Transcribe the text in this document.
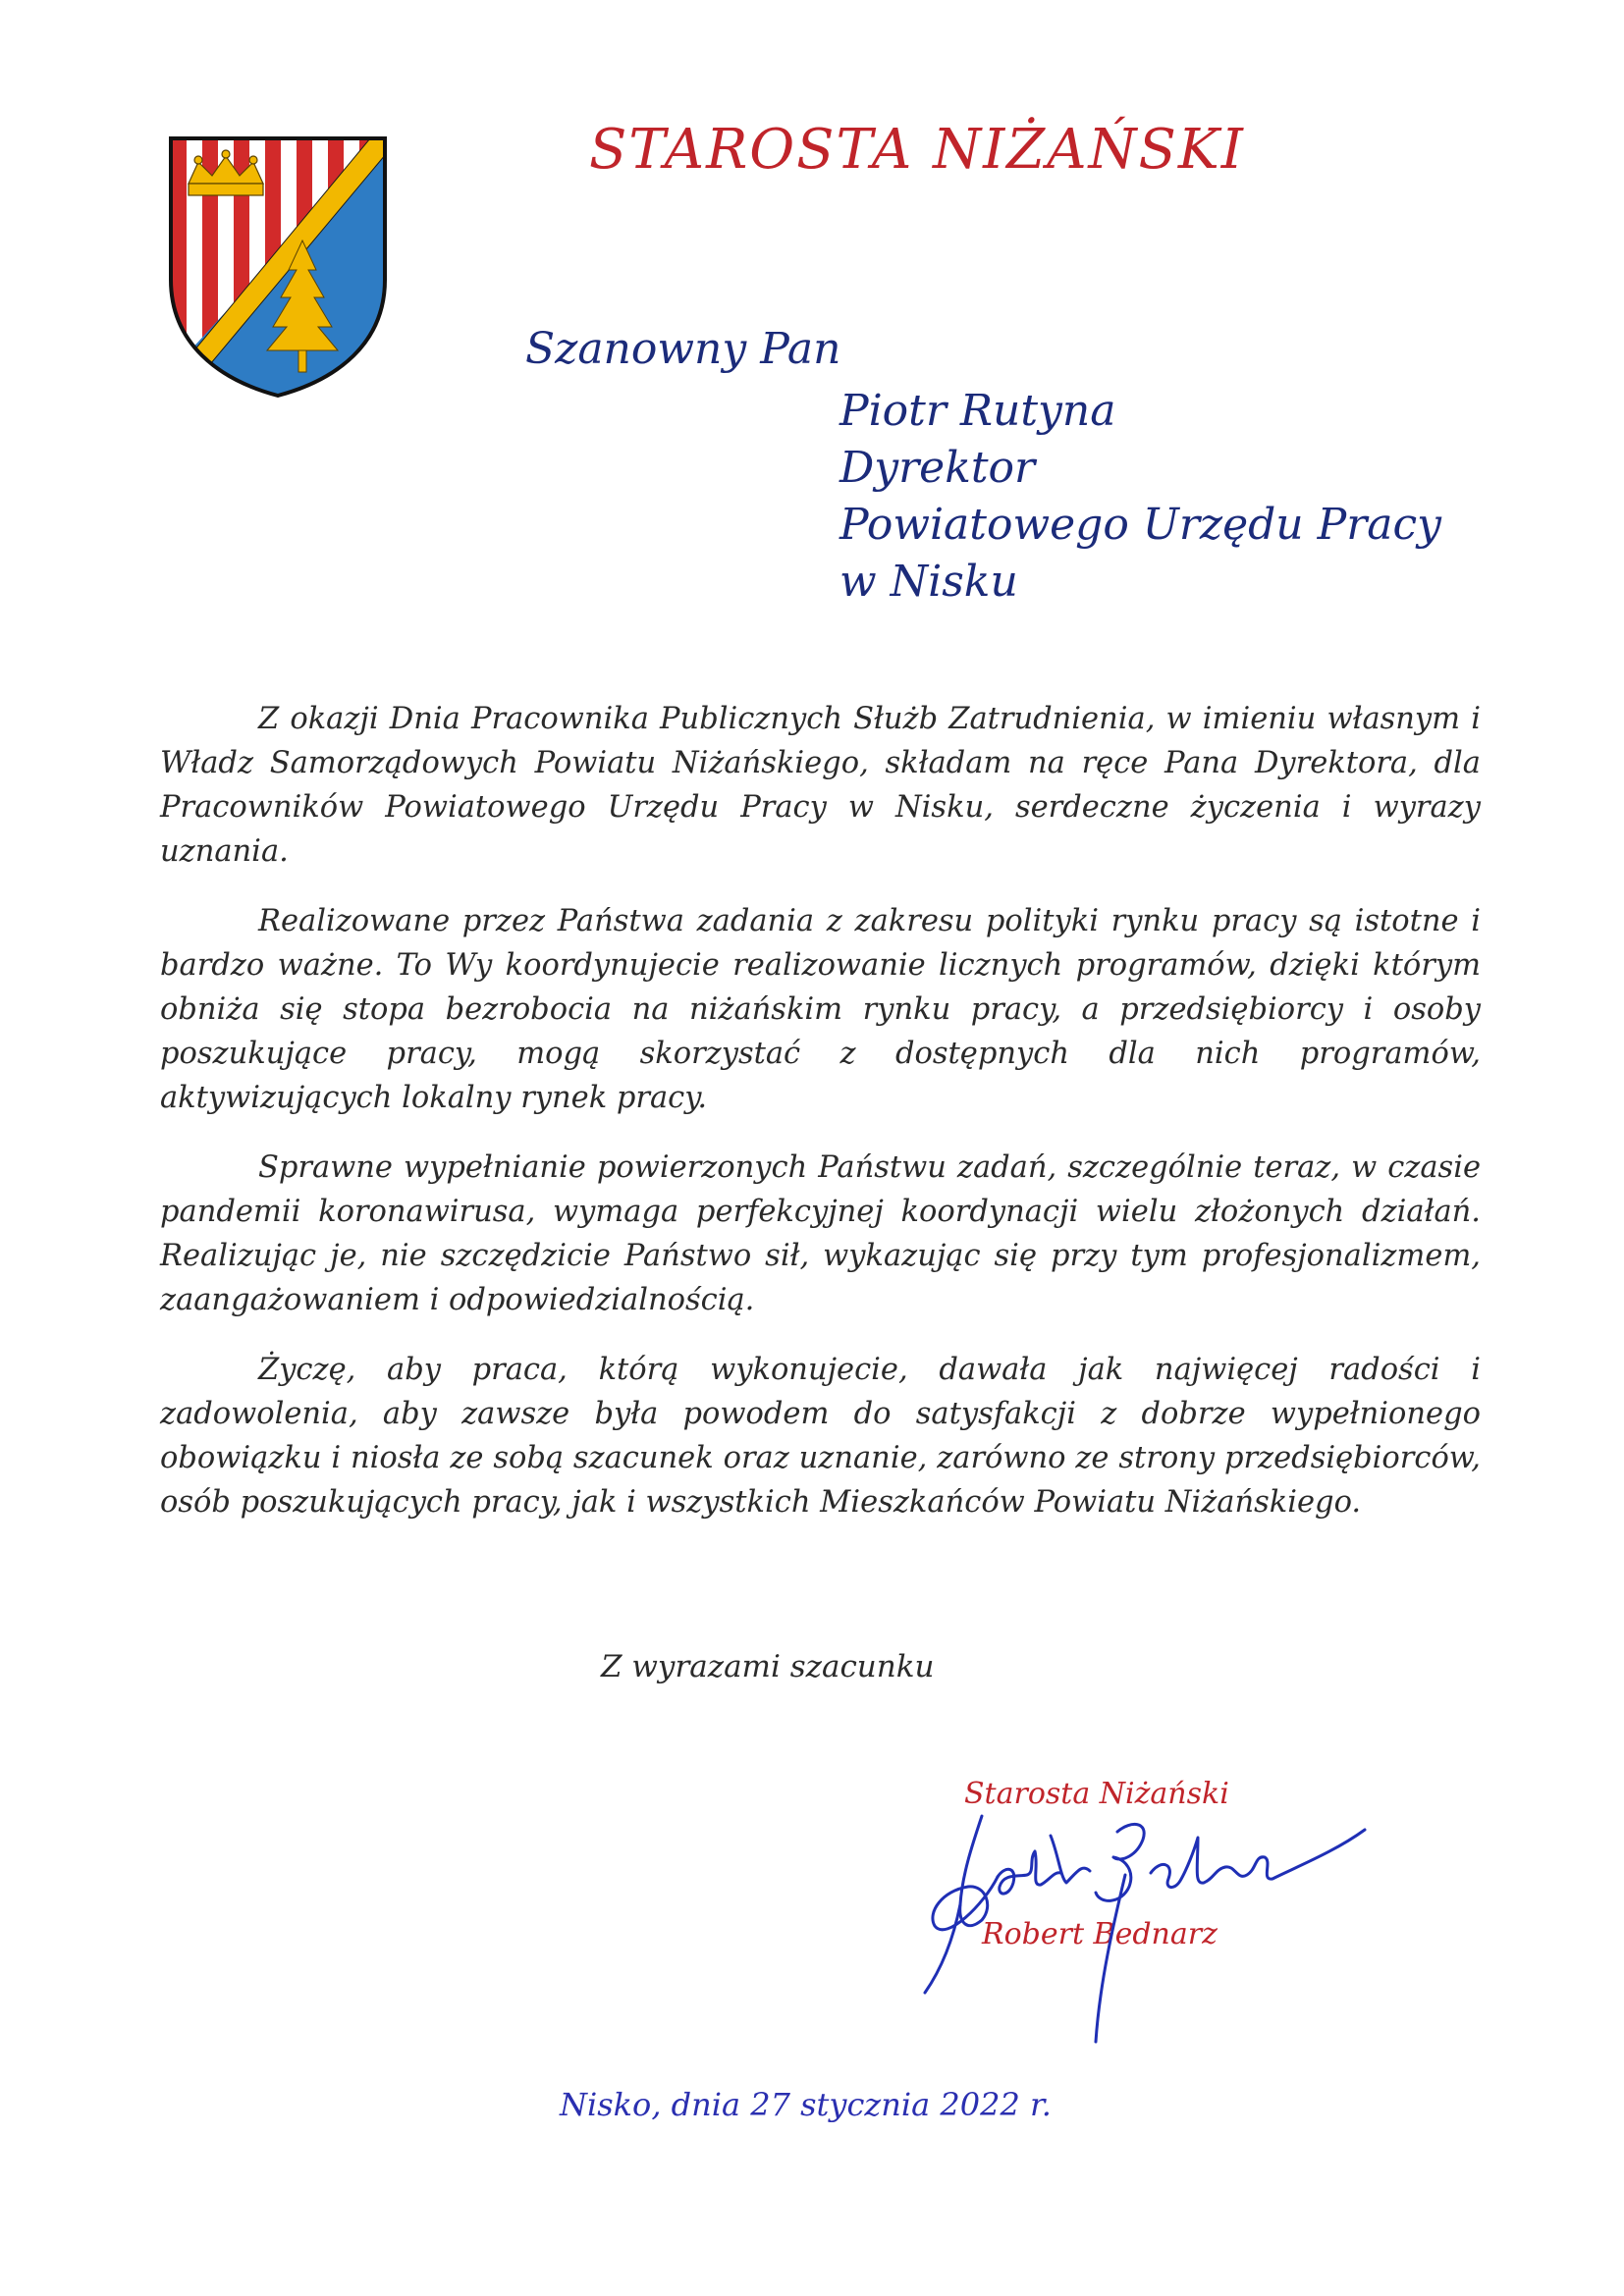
STAROSTA NIŻAŃSKI
Szanowny Pan
Piotr Rutyna
Dyrektor
Powiatowego Urzędu Pracy
w Nisku

Z okazji Dnia Pracownika Publicznych Służb Zatrudnienia, w imieniu własnym i Władz Samorządowych Powiatu Niżańskiego, składam na ręce Pana Dyrektora, dla Pracowników Powiatowego Urzędu Pracy w Nisku, serdeczne życzenia i wyrazy uznania.

Realizowane przez Państwa zadania z zakresu polityki rynku pracy są istotne i bardzo ważne. To Wy koordynujecie realizowanie licznych programów, dzięki którym obniża się stopa bezrobocia na niżańskim rynku pracy, a przedsiębiorcy i osoby poszukujące pracy, mogą skorzystać z dostępnych dla nich programów, aktywizujących lokalny rynek pracy.

Sprawne wypełnianie powierzonych Państwu zadań, szczególnie teraz, w czasie pandemii koronawirusa, wymaga perfekcyjnej koordynacji wielu złożonych działań. Realizując je, nie szczędzicie Państwo sił, wykazując się przy tym profesjonalizmem, zaangażowaniem i odpowiedzialnością.

Życzę, aby praca, którą wykonujecie, dawała jak najwięcej radości i zadowolenia, aby zawsze była powodem do satysfakcji z dobrze wypełnionego obowiązku i niosła ze sobą szacunek oraz uznanie, zarówno ze strony przedsiębiorców, osób poszukujących pracy, jak i wszystkich Mieszkańców Powiatu Niżańskiego.

Z wyrazami szacunku
Starosta Niżański
Robert Bednarz
Nisko, dnia 27 stycznia 2022 r.
